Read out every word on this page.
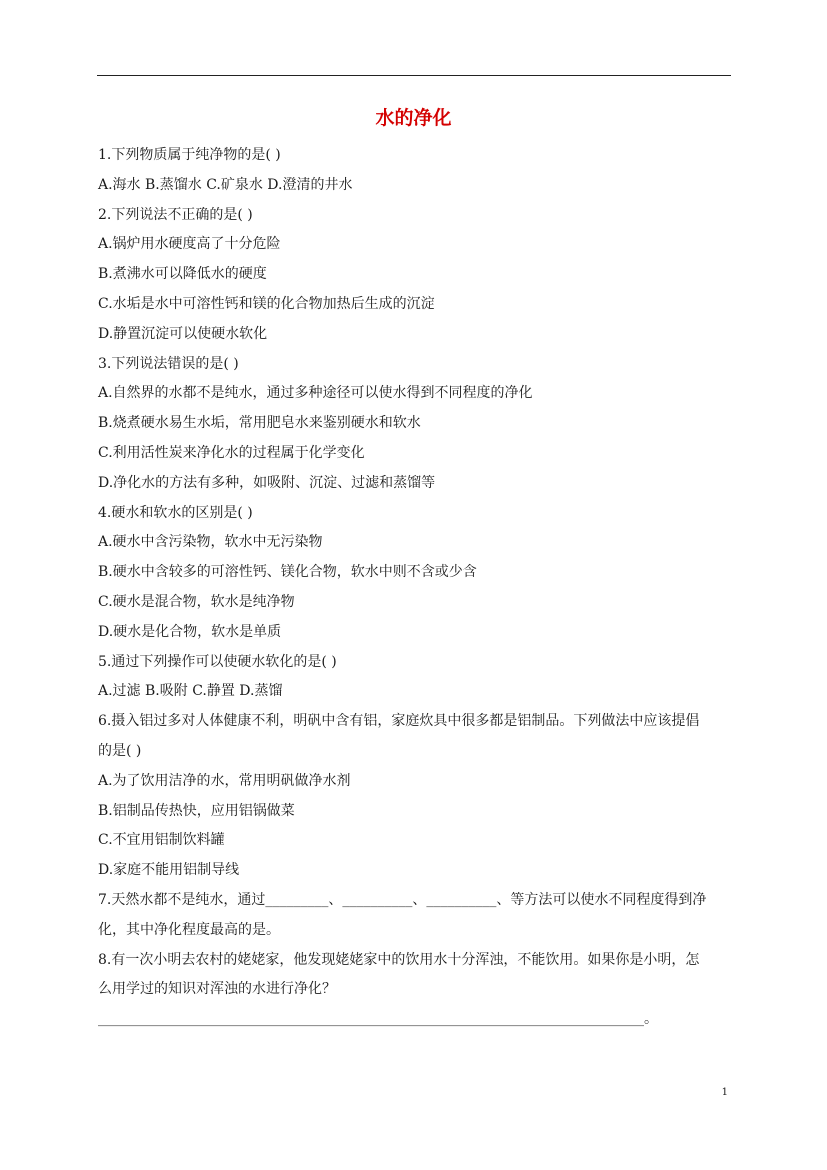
水的净化
1.下列物质属于纯净物的是( )
A.海水 B.蒸馏水 C.矿泉水 D.澄清的井水
2.下列说法不正确的是( )
A.锅炉用水硬度高了十分危险
B.煮沸水可以降低水的硬度
C.水垢是水中可溶性钙和镁的化合物加热后生成的沉淀
D.静置沉淀可以使硬水软化
3.下列说法错误的是( )
A.自然界的水都不是纯水，通过多种途径可以使水得到不同程度的净化
B.烧煮硬水易生水垢，常用肥皂水来鉴别硬水和软水
C.利用活性炭来净化水的过程属于化学变化
D.净化水的方法有多种，如吸附、沉淀、过滤和蒸馏等
4.硬水和软水的区别是( )
A.硬水中含污染物，软水中无污染物
B.硬水中含较多的可溶性钙、镁化合物，软水中则不含或少含
C.硬水是混合物，软水是纯净物
D.硬水是化合物，软水是单质
5.通过下列操作可以使硬水软化的是( )
A.过滤 B.吸附 C.静置 D.蒸馏
6.摄入铝过多对人体健康不利，明矾中含有铝，家庭炊具中很多都是铝制品。下列做法中应该提倡
的是( )
A.为了饮用洁净的水，常用明矾做净水剂
B.铝制品传热快，应用铝锅做菜
C.不宜用铝制饮料罐
D.家庭不能用铝制导线
7.天然水都不是纯水，通过_________、__________、__________、等方法可以使水不同程度得到净
化，其中净化程度最高的是。
8.有一次小明去农村的姥姥家，他发现姥姥家中的饮用水十分浑浊，不能饮用。如果你是小明，怎
么用学过的知识对浑浊的水进行净化？
______________________________________________________________________________。
1
